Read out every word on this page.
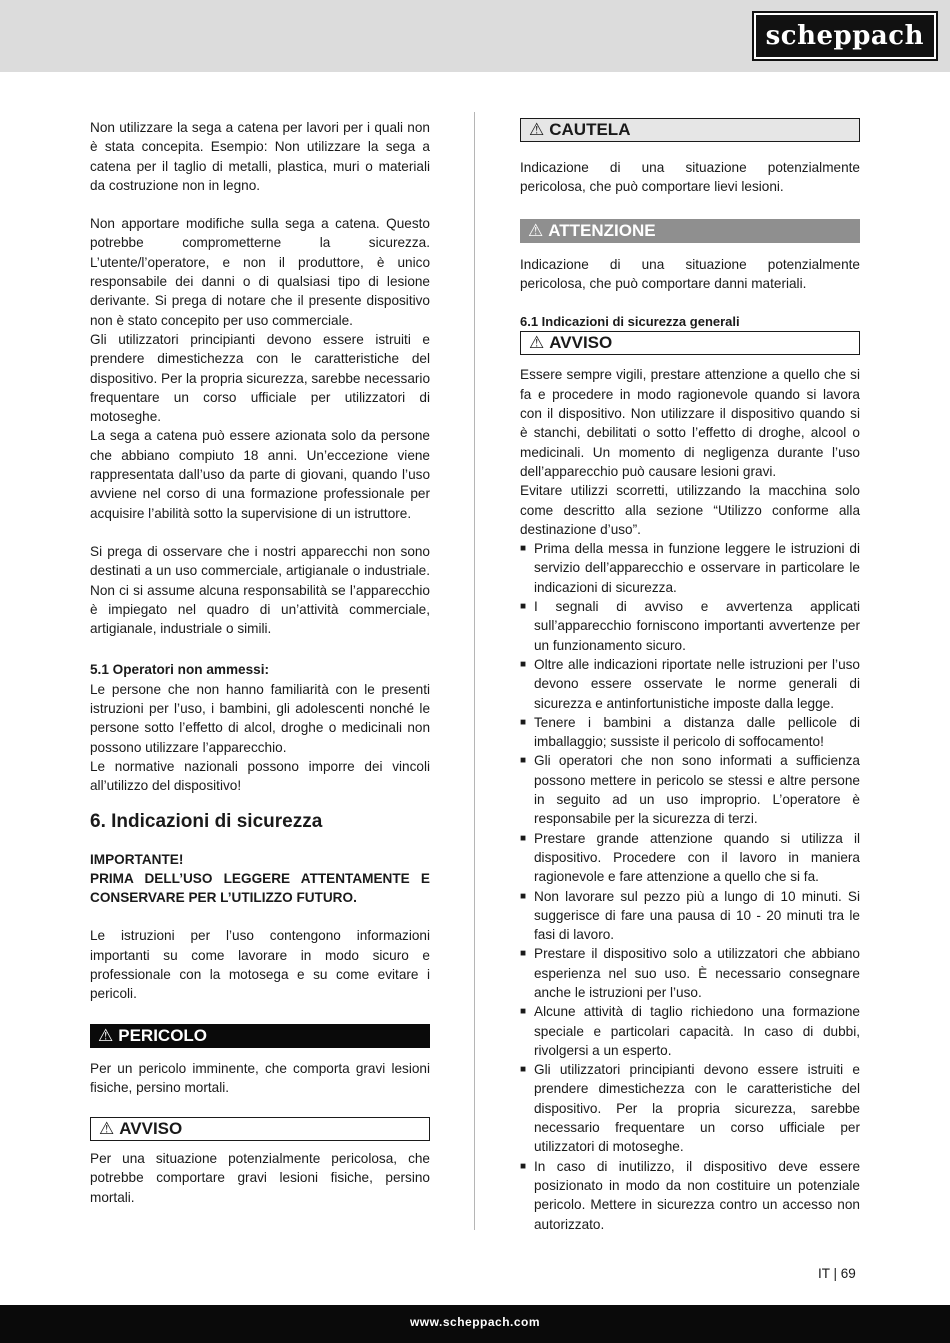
scheppach

Non utilizzare la sega a catena per lavori per i quali non è stata concepita. Esempio: Non utilizzare la sega a catena per il taglio di metalli, plastica, muri o materiali da costruzione non in legno.

Non apportare modifiche sulla sega a catena. Questo potrebbe comprometterne la sicurezza. L’utente/l’operatore, e non il produttore, è unico responsabile dei danni o di qualsiasi tipo di lesione derivante. Si prega di notare che il presente dispositivo non è stato concepito per uso commerciale.

Gli utilizzatori principianti devono essere istruiti e prendere dimestichezza con le caratteristiche del dispositivo. Per la propria sicurezza, sarebbe necessario frequentare un corso ufficiale per utilizzatori di motoseghe.

La sega a catena può essere azionata solo da persone che abbiano compiuto 18 anni. Un’eccezione viene rappresentata dall’uso da parte di giovani, quando l’uso avviene nel corso di una formazione professionale per acquisire l’abilità sotto la supervisione di un istruttore.

Si prega di osservare che i nostri apparecchi non sono destinati a un uso commerciale, artigianale o industriale. Non ci si assume alcuna responsabilità se l’apparecchio è impiegato nel quadro di un’attività commerciale, artigianale, industriale o simili.

5.1 Operatori non ammessi:

Le persone che non hanno familiarità con le presenti istruzioni per l’uso, i bambini, gli adolescenti nonché le persone sotto l’effetto di alcol, droghe o medicinali non possono utilizzare l’apparecchio.

Le normative nazionali possono imporre dei vincoli all’utilizzo del dispositivo!

6. Indicazioni di sicurezza

IMPORTANTE!

PRIMA DELL’USO LEGGERE ATTENTAMENTE E CONSERVARE PER L’UTILIZZO FUTURO.

Le istruzioni per l’uso contengono informazioni importanti su come lavorare in modo sicuro e professionale con la motosega e su come evitare i pericoli.

⚠ PERICOLO

Per un pericolo imminente, che comporta gravi lesioni fisiche, persino mortali.

⚠ AVVISO

Per una situazione potenzialmente pericolosa, che potrebbe comportare gravi lesioni fisiche, persino mortali.

⚠ CAUTELA

Indicazione di una situazione potenzialmente pericolosa, che può comportare lievi lesioni.

⚠ ATTENZIONE

Indicazione di una situazione potenzialmente pericolosa, che può comportare danni materiali.

6.1 Indicazioni di sicurezza generali

⚠ AVVISO

Essere sempre vigili, prestare attenzione a quello che si fa e procedere in modo ragionevole quando si lavora con il dispositivo. Non utilizzare il dispositivo quando si è stanchi, debilitati o sotto l’effetto di droghe, alcool o medicinali. Un momento di negligenza durante l’uso dell’apparecchio può causare lesioni gravi.

Evitare utilizzi scorretti, utilizzando la macchina solo come descritto alla sezione “Utilizzo conforme alla destinazione d’uso”.

■ Prima della messa in funzione leggere le istruzioni di servizio dell’apparecchio e osservare in particolare le indicazioni di sicurezza.
■ I segnali di avviso e avvertenza applicati sull’apparecchio forniscono importanti avvertenze per un funzionamento sicuro.
■ Oltre alle indicazioni riportate nelle istruzioni per l’uso devono essere osservate le norme generali di sicurezza e antinfortunistiche imposte dalla legge.
■ Tenere i bambini a distanza dalle pellicole di imballaggio; sussiste il pericolo di soffocamento!
■ Gli operatori che non sono informati a sufficienza possono mettere in pericolo se stessi e altre persone in seguito ad un uso improprio. L’operatore è responsabile per la sicurezza di terzi.
■ Prestare grande attenzione quando si utilizza il dispositivo. Procedere con il lavoro in maniera ragionevole e fare attenzione a quello che si fa.
■ Non lavorare sul pezzo più a lungo di 10 minuti. Si suggerisce di fare una pausa di 10 - 20 minuti tra le fasi di lavoro.
■ Prestare il dispositivo solo a utilizzatori che abbiano esperienza nel suo uso. È necessario consegnare anche le istruzioni per l’uso.
■ Alcune attività di taglio richiedono una formazione speciale e particolari capacità. In caso di dubbi, rivolgersi a un esperto.
■ Gli utilizzatori principianti devono essere istruiti e prendere dimestichezza con le caratteristiche del dispositivo. Per la propria sicurezza, sarebbe necessario frequentare un corso ufficiale per utilizzatori di motoseghe.
■ In caso di inutilizzo, il dispositivo deve essere posizionato in modo da non costituire un potenziale pericolo. Mettere in sicurezza contro un accesso non autorizzato.
IT | 69
www.scheppach.com
